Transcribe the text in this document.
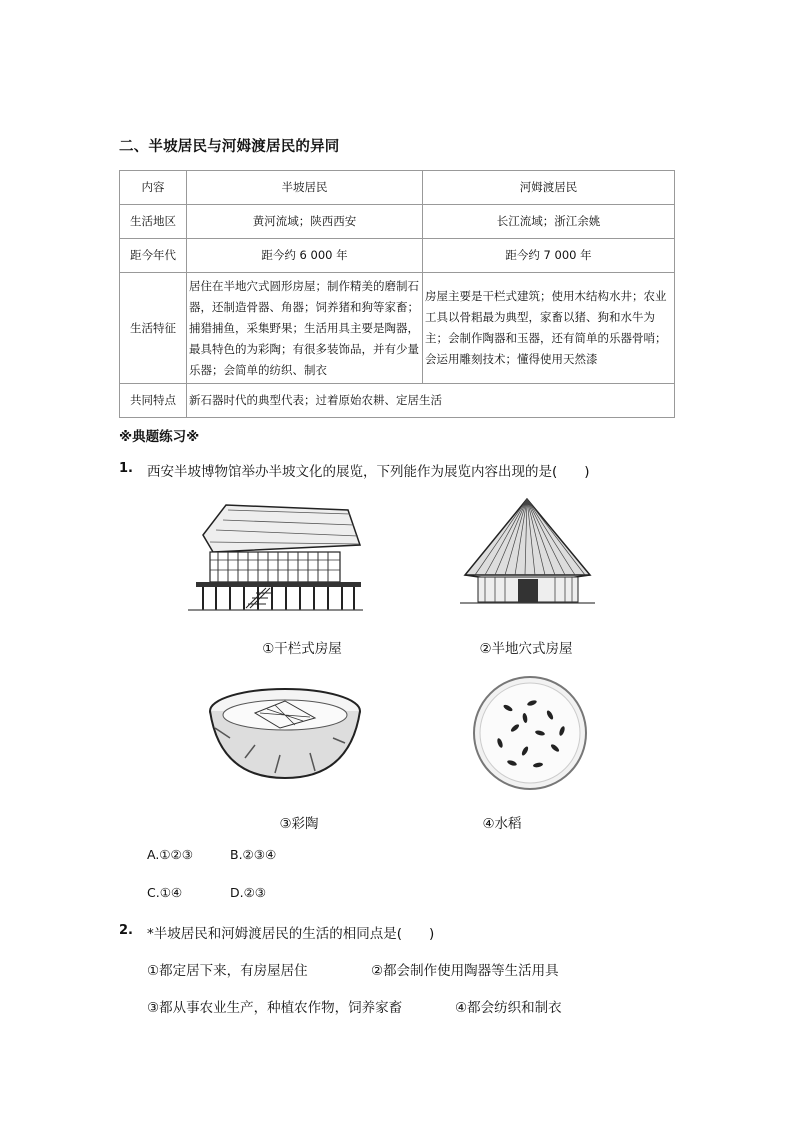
二、半坡居民与河姆渡居民的异同
内容	半坡居民	河姆渡居民
生活地区	黄河流域；陕西西安	长江流域；浙江余姚
距今年代	距今约 6 000 年	距今约 7 000 年
生活特征	居住在半地穴式圆形房屋；制作精美的磨制石器，还制造骨器、角器；饲养猪和狗等家畜；捕猎捕鱼，采集野果；生活用具主要是陶器，最具特色的为彩陶；有很多装饰品，并有少量乐器；会简单的纺织、制衣	房屋主要是干栏式建筑；使用木结构水井；农业工具以骨耜最为典型，家畜以猪、狗和水牛为主；会制作陶器和玉器，还有简单的乐器骨哨；会运用雕刻技术；懂得使用天然漆
共同特点	新石器时代的典型代表；过着原始农耕、定居生活	
※典题练习※
1. 西安半坡博物馆举办半坡文化的展览，下列能作为展览内容出现的是(　　)
①干栏式房屋	②半地穴式房屋
③彩陶	④水稻
A.①②③	B.②③④
C.①④	D.②③
2. *半坡居民和河姆渡居民的生活的相同点是(　　)
①都定居下来，有房屋居住	②都会制作使用陶器等生活用具
③都从事农业生产，种植农作物，饲养家畜	④都会纺织和制衣
